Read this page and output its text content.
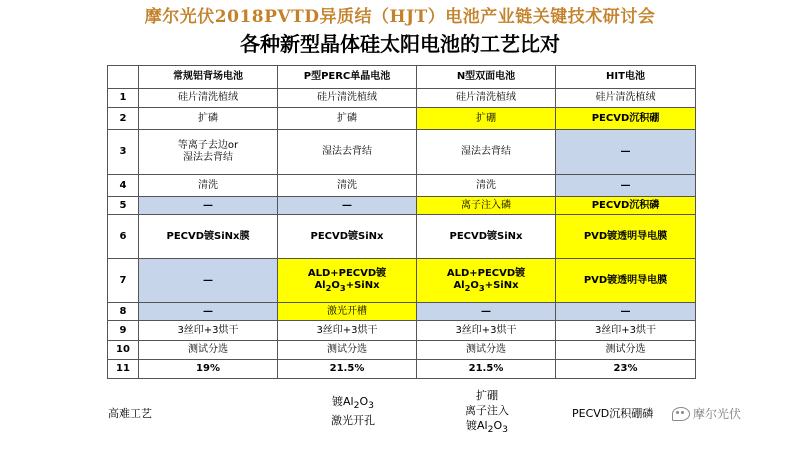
摩尔光伏2018PVTD异质结（HJT）电池产业链关键技术研讨会
各种新型晶体硅太阳电池的工艺比对
	常规铝背场电池	P型PERC单晶电池	N型双面电池	HIT电池
1	硅片清洗植绒	硅片清洗植绒	硅片清洗植绒	硅片清洗植绒
2	扩磷	扩磷	扩硼	PECVD沉积硼
3	等离子去边or
湿法去背结	湿法去背结	湿法去背结	—
4	清洗	清洗	清洗	—
5	—	—	离子注入磷	PECVD沉积磷
6	PECVD镀SiNx膜	PECVD镀SiNx	PECVD镀SiNx	PVD镀透明导电膜
7	—	ALD+PECVD镀$Al_2O_3+SiNx$	ALD+PECVD镀$Al_2O_3+SiNx$	PVD镀透明导电膜
8	—	激光开槽	—	—
9	3丝印+3烘干	3丝印+3烘干	3丝印+3烘干	3丝印+3烘干
10	测试分选	测试分选	测试分选	测试分选
11	19%	21.5%	21.5%	23%
高难工艺
镀$Al_2O_3$
激光开孔
扩硼
离子注入
镀$Al_2O_3$
PECVD沉积硼磷	摩尔光伏
